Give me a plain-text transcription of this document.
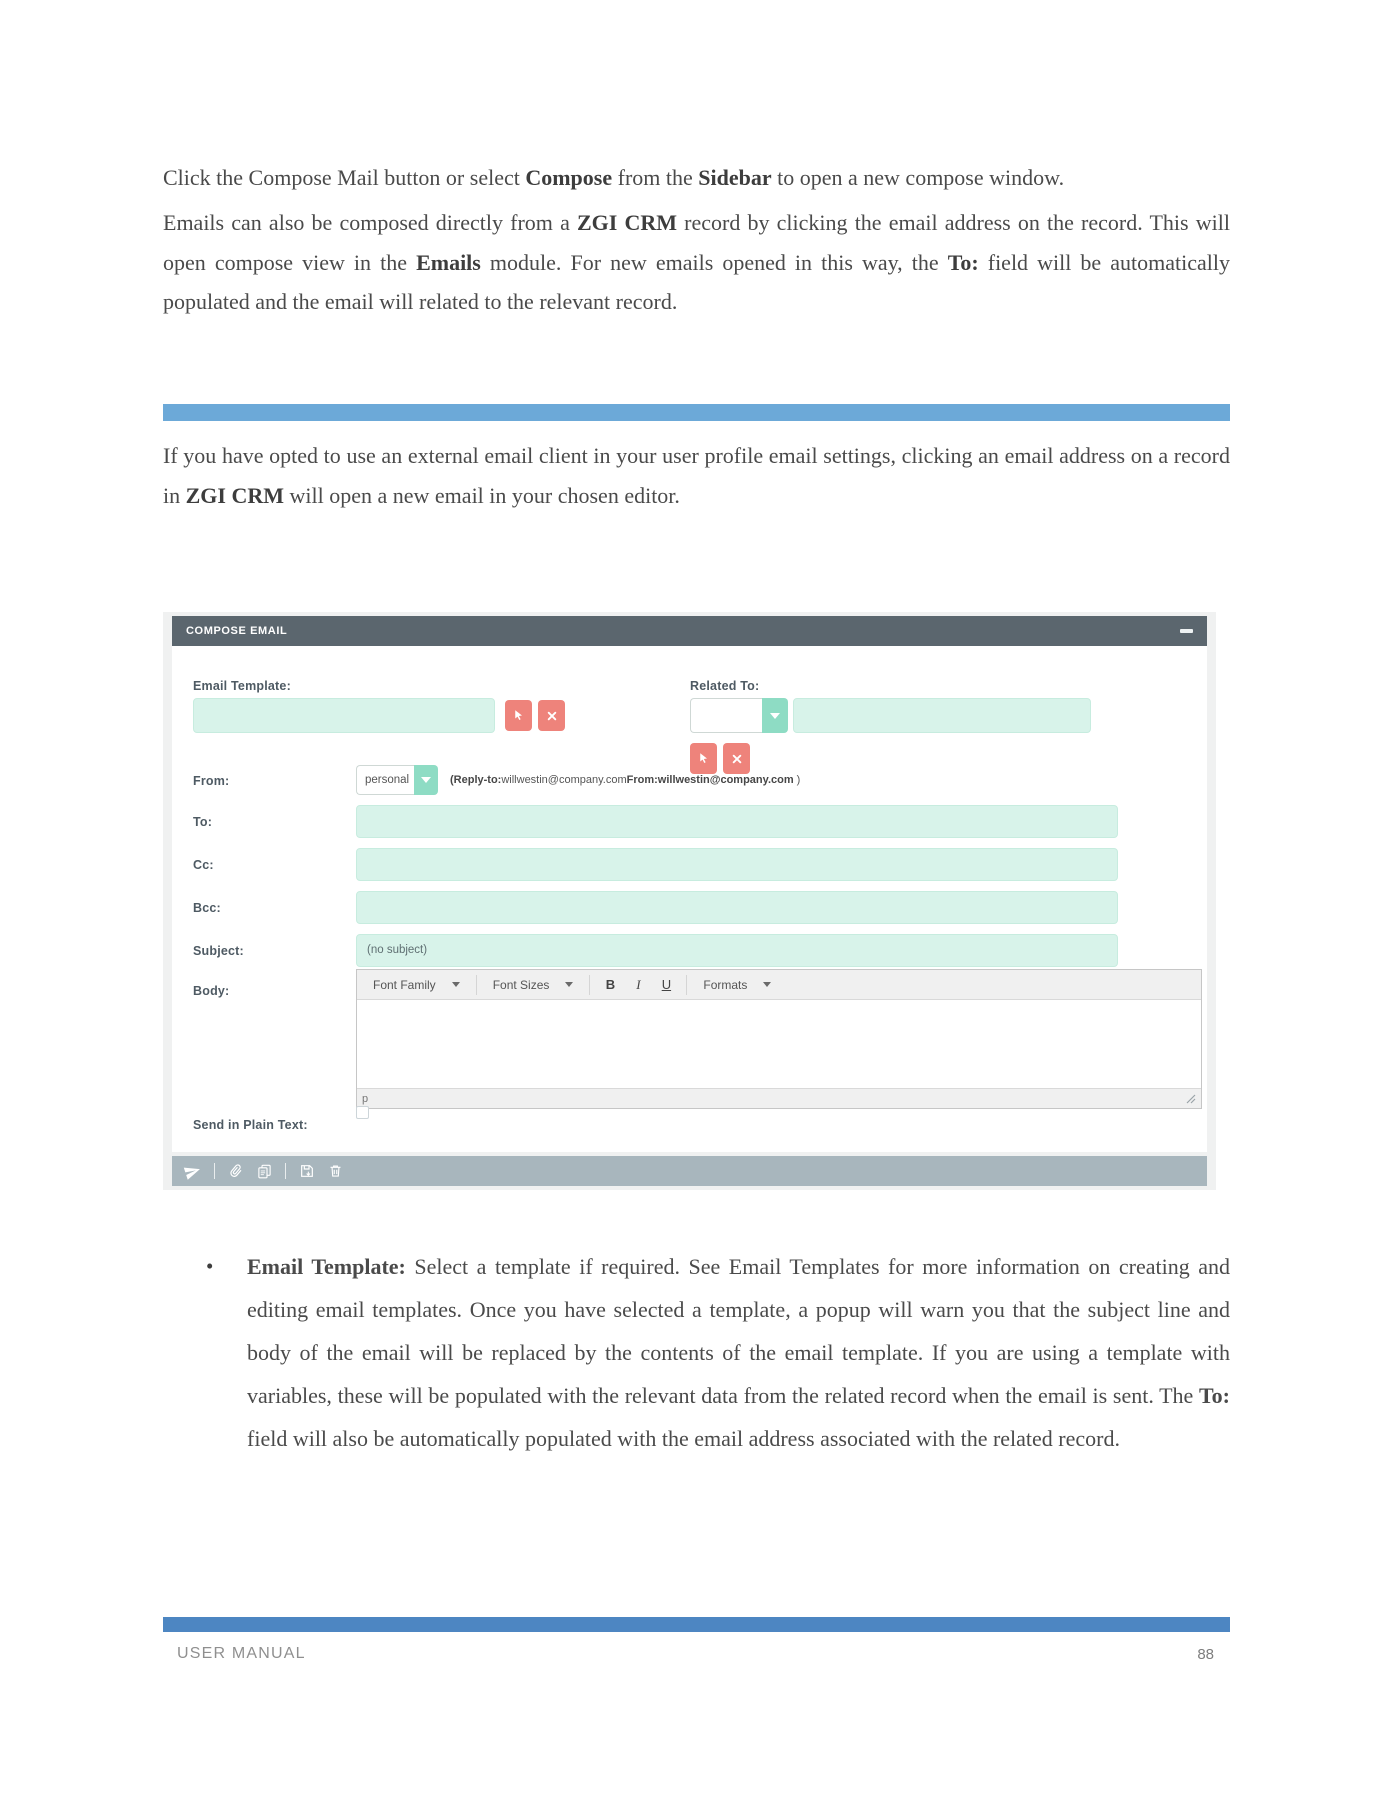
Click the Compose Mail button or select Compose from the Sidebar to open a new compose window.

Emails can also be composed directly from a ZGI CRM record by clicking the email address on the record. This will open compose view in the Emails module. For new emails opened in this way, the To: field will be automatically populated and the email will related to the relevant record.

If you have opted to use an external email client in your user profile email settings, clicking an email address on a record in ZGI CRM will open a new email in your chosen editor.

COMPOSE EMAIL
Email Template:	Related To:
From:	personal	(Reply-to:willwestin@company.comFrom:willwestin@company.com )
To:
Cc:
Bcc:
Subject:	(no subject)
Body:	Font Family	Font Sizes	B	I	U	Formats
p
Send in Plain Text:
• Email Template: Select a template if required. See Email Templates for more information on creating and editing email templates. Once you have selected a template, a popup will warn you that the subject line and body of the email will be replaced by the contents of the email template. If you are using a template with variables, these will be populated with the relevant data from the related record when the email is sent. The To: field will also be automatically populated with the email address associated with the related record.

USER MANUAL	88
